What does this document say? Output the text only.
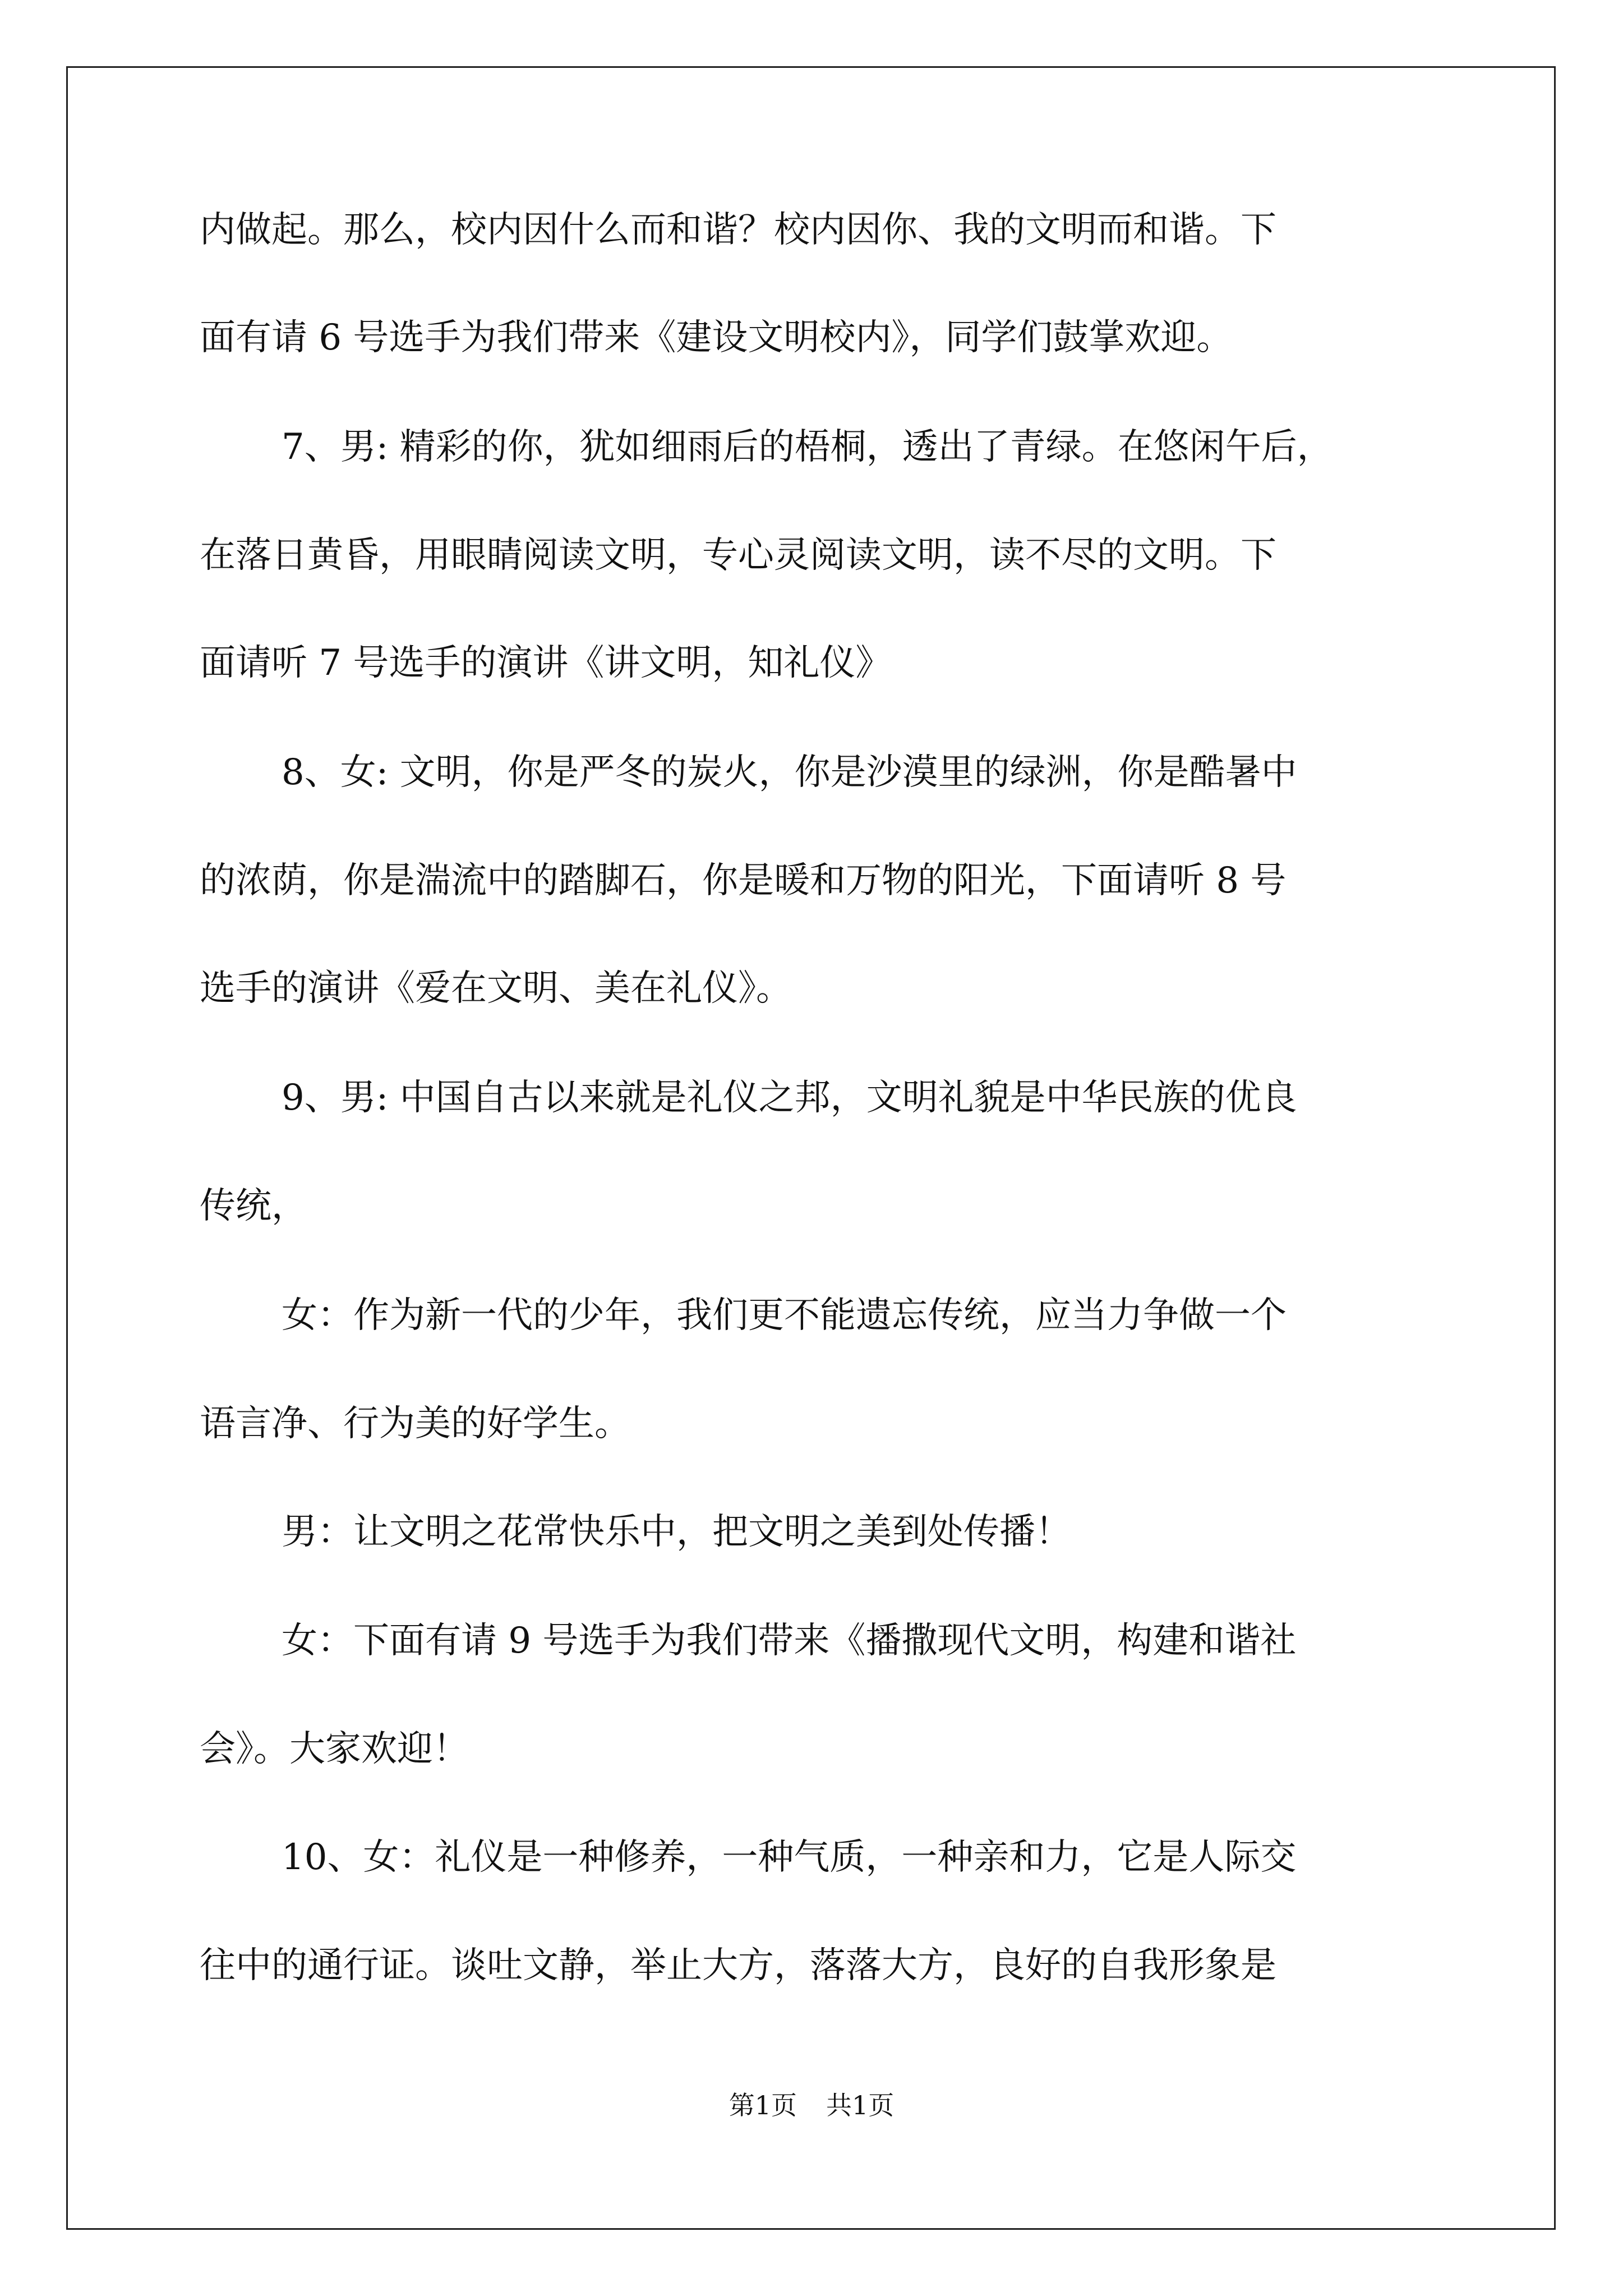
内做起。那么，校内因什么而和谐？校内因你、我的文明而和谐。下
面有请 6 号选手为我们带来《建设文明校内》，同学们鼓掌欢迎。
7、男: 精彩的你，犹如细雨后的梧桐，透出了青绿。在悠闲午后，
在落日黄昏，用眼睛阅读文明，专心灵阅读文明，读不尽的文明。下
面请听 7 号选手的演讲《讲文明，知礼仪》
8、女: 文明，你是严冬的炭火，你是沙漠里的绿洲，你是酷暑中
的浓荫，你是湍流中的踏脚石，你是暖和万物的阳光，下面请听 8 号
选手的演讲《爱在文明、美在礼仪》。
9、男: 中国自古以来就是礼仪之邦，文明礼貌是中华民族的优良
传统，
女：作为新一代的少年，我们更不能遗忘传统，应当力争做一个
语言净、行为美的好学生。
男：让文明之花常快乐中，把文明之美到处传播！
女：下面有请 9 号选手为我们带来《播撒现代文明，构建和谐社
会》。大家欢迎！
10、女：礼仪是一种修养，一种气质，一种亲和力，它是人际交
往中的通行证。谈吐文静，举止大方，落落大方，良好的自我形象是
第1页 共1页
